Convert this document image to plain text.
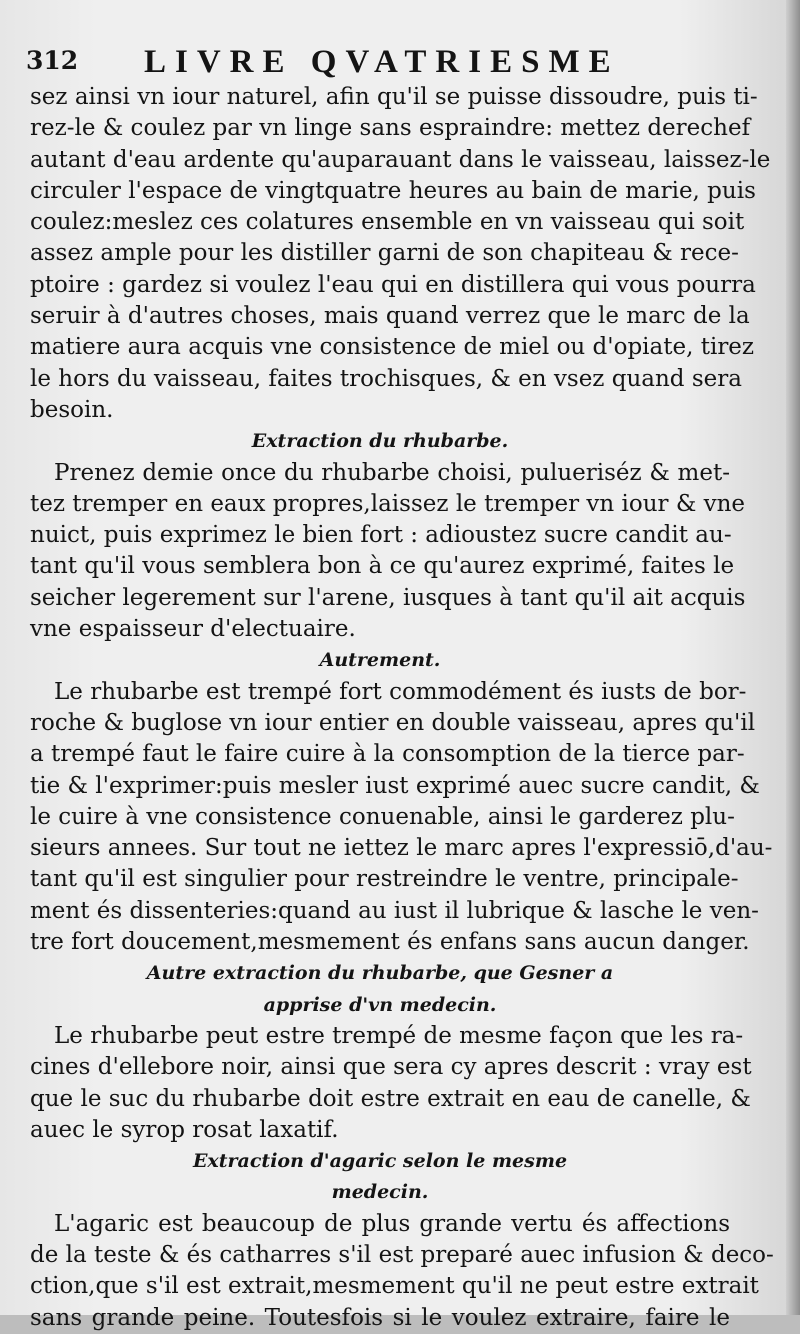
312 LIVRE QVATRIESME
sez ainsi vn iour naturel, afin qu'il se puisse dissoudre, puis ti-
rez-le & coulez par vn linge sans espraindre: mettez derechef
autant d'eau ardente qu'auparauant dans le vaisseau, laissez-le
circuler l'espace de vingtquatre heures au bain de marie, puis
coulez:meslez ces colatures ensemble en vn vaisseau qui soit
assez ample pour les distiller garni de son chapiteau & rece-
ptoire : gardez si voulez l'eau qui en distillera qui vous pourra
seruir à d'autres choses, mais quand verrez que le marc de la
matiere aura acquis vne consistence de miel ou d'opiate, tirez
le hors du vaisseau, faites trochisques, & en vsez quand sera
besoin.
Extraction du rhubarbe.
Prenez demie once du rhubarbe choisi, pulueriséz & met-
tez tremper en eaux propres,laissez le tremper vn iour & vne
nuict, puis exprimez le bien fort : adioustez sucre candit au-
tant qu'il vous semblera bon à ce qu'aurez exprimé, faites le
seicher legerement sur l'arene, iusques à tant qu'il ait acquis
vne espaisseur d'electuaire.
Autrement.
Le rhubarbe est trempé fort commodément és iusts de bor-
roche & buglose vn iour entier en double vaisseau, apres qu'il
a trempé faut le faire cuire à la consomption de la tierce par-
tie & l'exprimer:puis mesler iust exprimé auec sucre candit, &
le cuire à vne consistence conuenable, ainsi le garderez plu-
sieurs annees. Sur tout ne iettez le marc apres l'expressiō,d'au-
tant qu'il est singulier pour restreindre le ventre, principale-
ment és dissenteries:quand au iust il lubrique & lasche le ven-
tre fort doucement,mesmement és enfans sans aucun danger.
Autre extraction du rhubarbe, que Gesner a
apprise d'vn medecin.
Le rhubarbe peut estre trempé de mesme façon que les ra-
cines d'ellebore noir, ainsi que sera cy apres descrit : vray est
que le suc du rhubarbe doit estre extrait en eau de canelle, &
auec le syrop rosat laxatif.
Extraction d'agaric selon le mesme
medecin.
L'agaric est beaucoup de plus grande vertu és affections
de la teste & és catharres s'il est preparé auec infusion & deco-
ction,que s'il est extrait,mesmement qu'il ne peut estre extrait
sans grande peine. Toutesfois si le voulez extraire, faire le
